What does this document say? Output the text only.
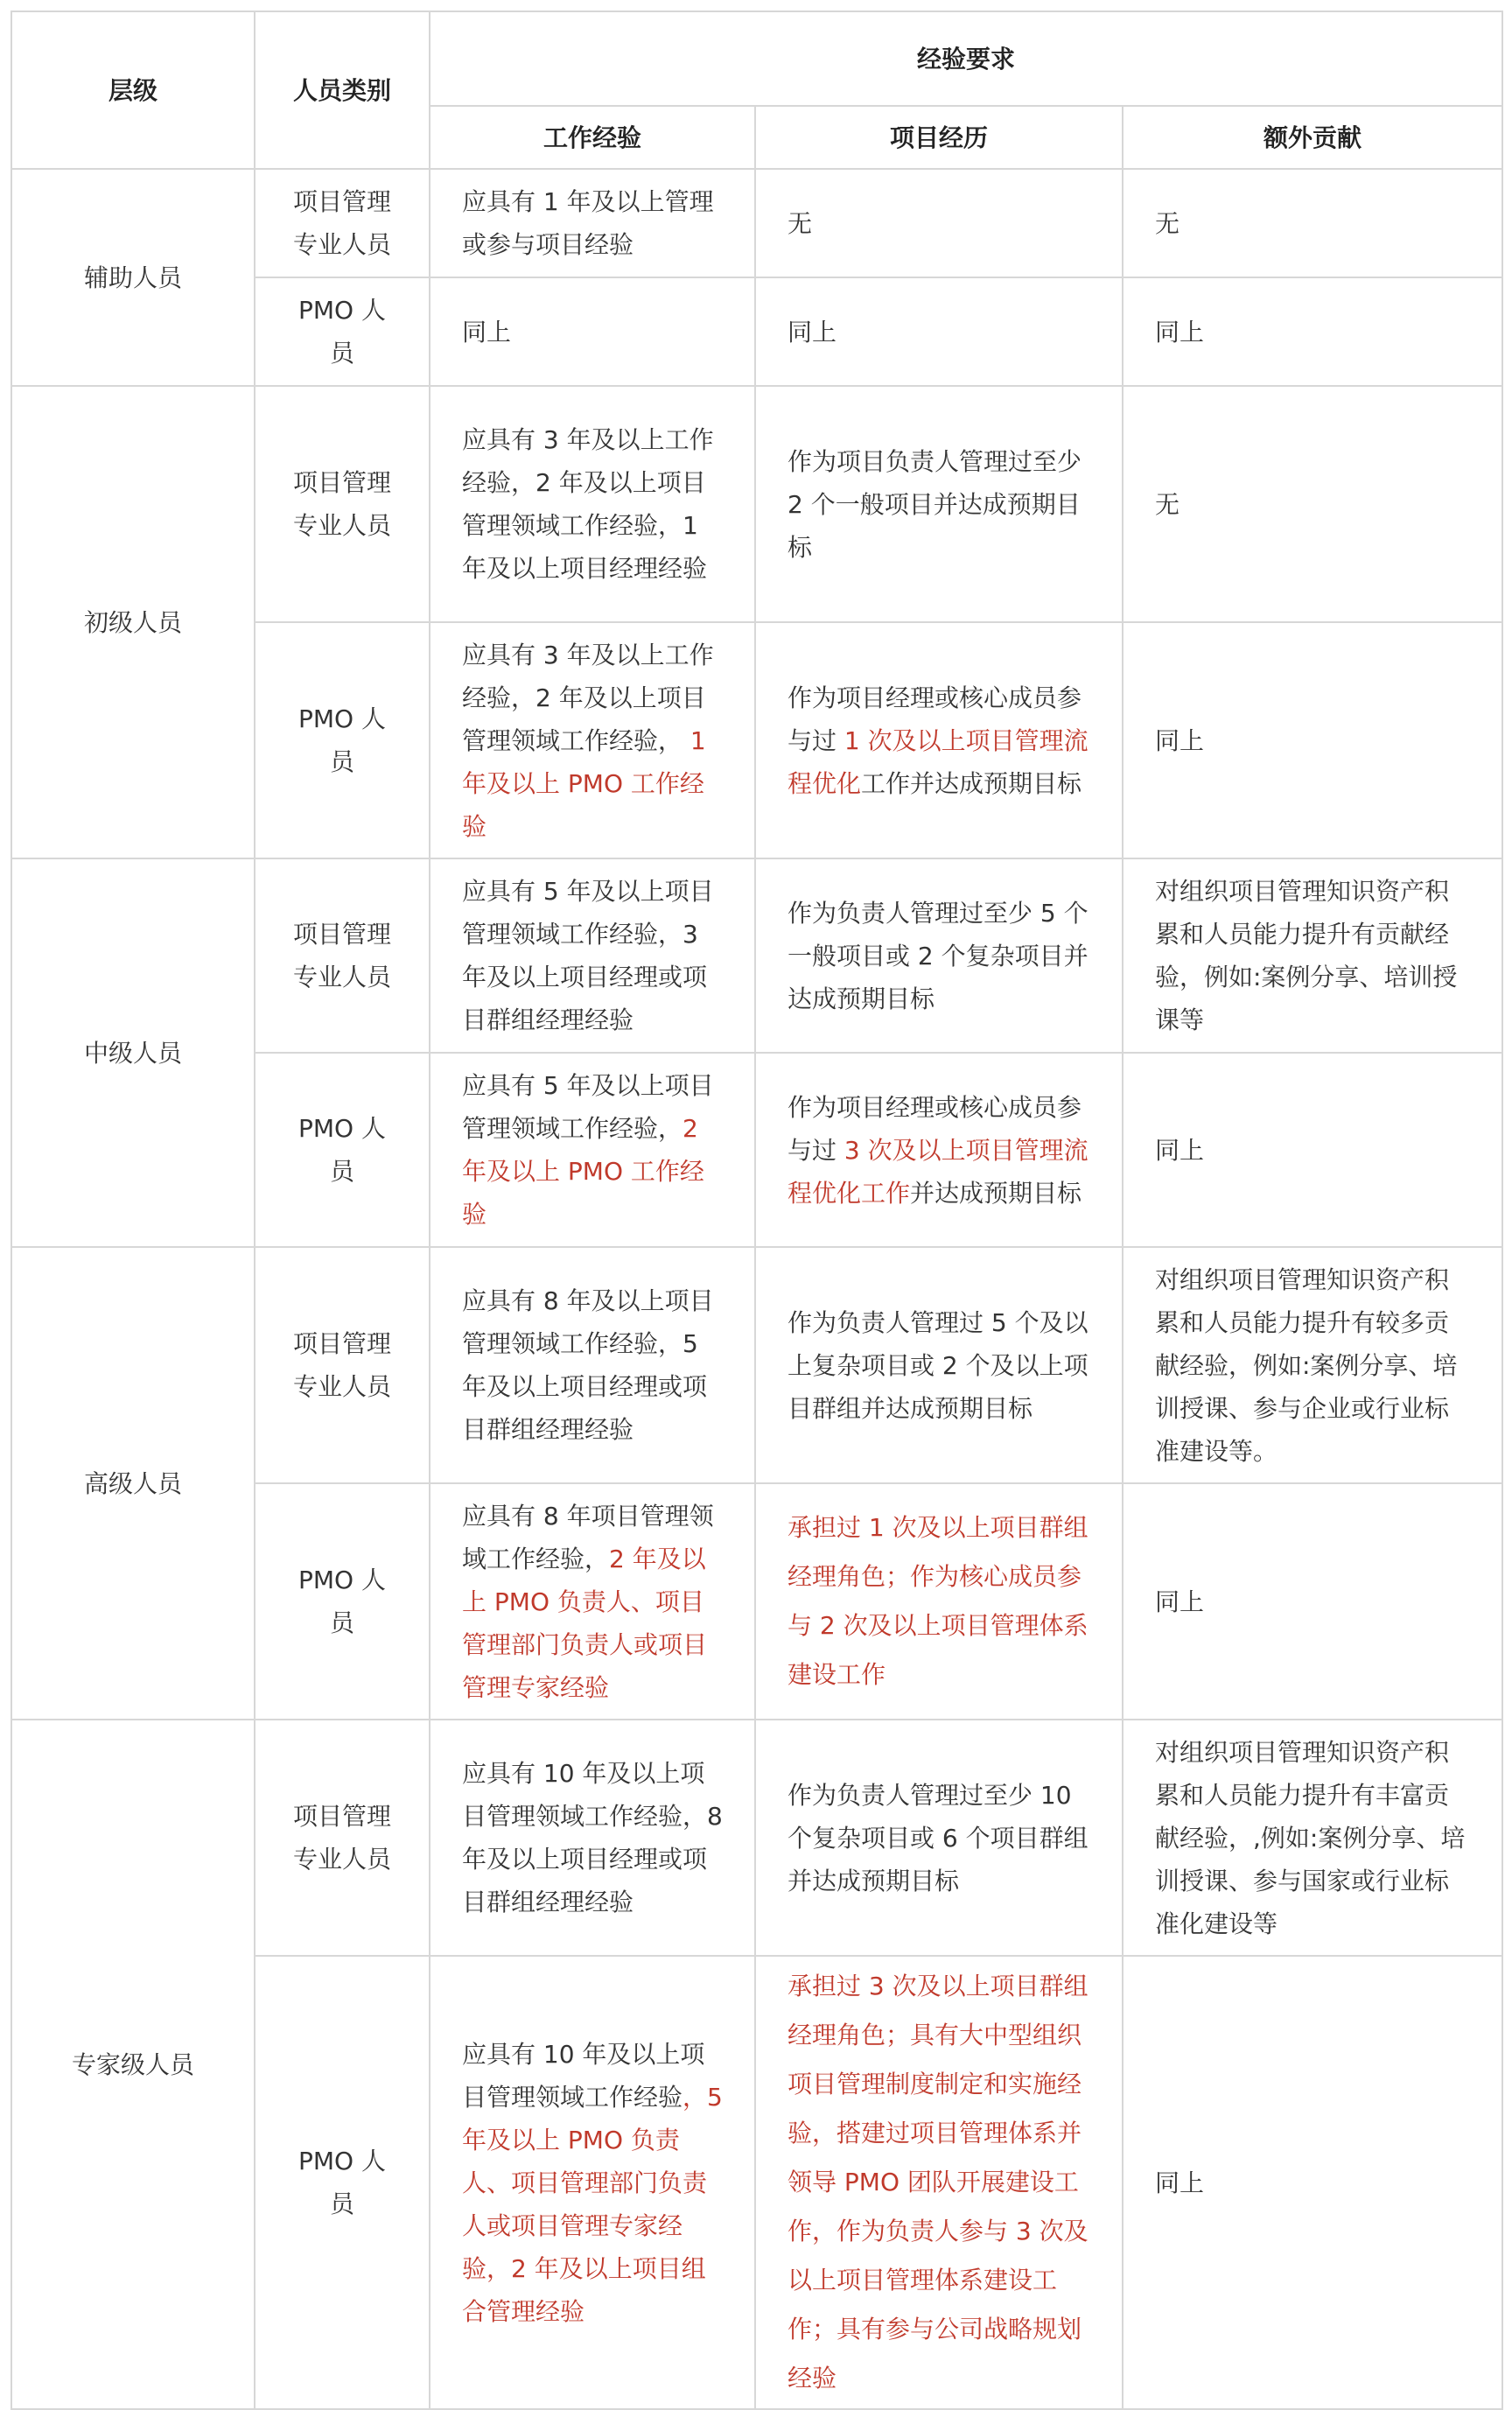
层级	人员类别	经验要求		
		工作经验	项目经历	额外贡献
辅助人员	项目管理专业人员	应具有 1 年及以上管理或参与项目经验	无	无
	PMO 人员	同上	同上	同上
初级人员	项目管理专业人员	应具有 3 年及以上工作经验，2 年及以上项目管理领域工作经验，1 年及以上项目经理经验	作为项目负责人管理过至少 2 个一般项目并达成预期目标	无
	PMO 人员	应具有 3 年及以上工作经验，2 年及以上项目管理领域工作经验， 1 年及以上 PMO 工作经验	作为项目经理或核心成员参与过 1 次及以上项目管理流程优化工作并达成预期目标	同上
中级人员	项目管理专业人员	应具有 5 年及以上项目管理领域工作经验，3 年及以上项目经理或项目群组经理经验	作为负责人管理过至少 5 个一般项目或 2 个复杂项目并达成预期目标	对组织项目管理知识资产积累和人员能力提升有贡献经验，例如:案例分享、培训授课等
	PMO 人员	应具有 5 年及以上项目管理领域工作经验，2 年及以上 PMO 工作经验	作为项目经理或核心成员参与过 3 次及以上项目管理流程优化工作并达成预期目标	同上
高级人员	项目管理专业人员	应具有 8 年及以上项目管理领域工作经验，5 年及以上项目经理或项目群组经理经验	作为负责人管理过 5 个及以上复杂项目或 2 个及以上项目群组并达成预期目标	对组织项目管理知识资产积累和人员能力提升有较多贡献经验，例如:案例分享、培训授课、参与企业或行业标准建设等。
	PMO 人员	应具有 8 年项目管理领域工作经验，2 年及以上 PMO 负责人、项目管理部门负责人或项目管理专家经验	承担过 1 次及以上项目群组经理角色；作为核心成员参与 2 次及以上项目管理体系建设工作	同上
专家级人员	项目管理专业人员	应具有 10 年及以上项目管理领域工作经验，8 年及以上项目经理或项目群组经理经验	作为负责人管理过至少 10 个复杂项目或 6 个项目群组并达成预期目标	对组织项目管理知识资产积累和人员能力提升有丰富贡献经验，,例如:案例分享、培训授课、参与国家或行业标准化建设等
	PMO 人员	应具有 10 年及以上项目管理领域工作经验，5 年及以上 PMO 负责人、项目管理部门负责人或项目管理专家经验，2 年及以上项目组合管理经验	承担过 3 次及以上项目群组经理角色；具有大中型组织项目管理制度制定和实施经验，搭建过项目管理体系并领导 PMO 团队开展建设工作，作为负责人参与 3 次及以上项目管理体系建设工作；具有参与公司战略规划经验	同上
